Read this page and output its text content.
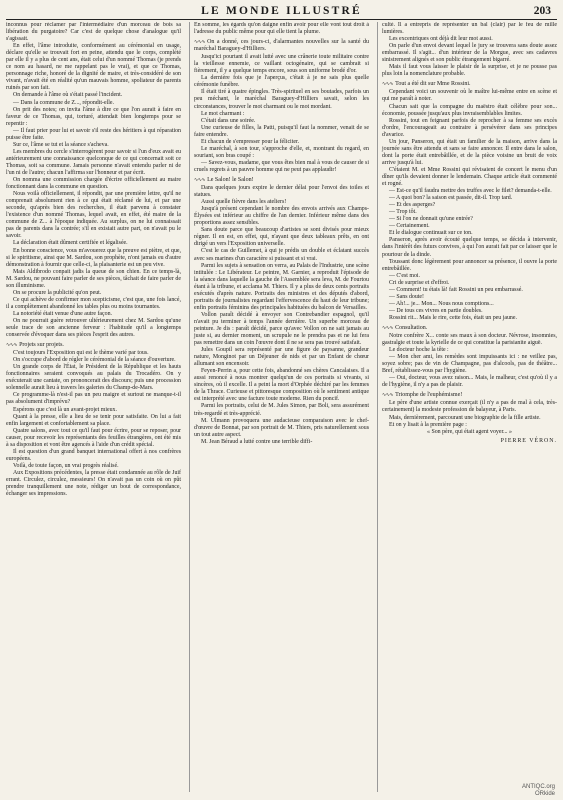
LE MONDE ILLUSTRÉ	203

inconnus pour réclamer par l'intermédiaire d'un morceau de bois sa libération du purgatoire? Car c'est de quelque chose d'analogue qu'il s'agissait.

En effet, l'âme introduite, conformément au cérémonial en usage, déclare qu'elle se trouvait fort en peine, attendu que le corps, complété par elle il y a plus de cent ans, était celui d'un nommé Thomas (je prends ce nom au hasard, ne me rappelant pas le vrai), et que ce Thomas, personnage riche, honoré de la dignité de maire, et très-considéré de son vivant, n'avait été en réalité qu'un mauvais homme, spoliateur de parents ruinés par son fait.

On demande à l'âme où s'était passé l'incident.

— Dans la commune de Z..., répondit-elle.

On prit des notes; on invita l'âme à dire ce que l'on aurait à faire en faveur de ce Thomas, qui, torturé, attendait bien longtemps pour se repentir :

— Il faut prier pour lui et savoir s'il reste des héritiers à qui réparation puisse être faite.

Sur ce, l'âme se tut et la séance s'acheva.

Les membres du cercle s'interrogèrent pour savoir si l'un d'eux avait eu antérieurement une connaissance quelconque de ce qui concernait soit ce Thomas, soit sa commune. Jamais personne n'avait entendu parler ni de l'un ni de l'autre; chacun l'affirma sur l'honneur et par écrit.

On nomma une commission chargée d'écrire officiellement au maire fonctionnant dans la commune en question.

Nous voilà officiellement, il répondit, par une première lettre, qu'il ne comprenait absolument rien à ce qui était réclamé de lui, et par une seconde, qu'après bien des recherches, il était parvenu à constater l'existence d'un nommé Thomas, lequel avait, en effet, été maire de la commune de Z... à l'époque indiquée. Au surplus, on ne lui connaissait pas de parents dans la contrée; s'il en existait autre part, on n'avait pu le savoir.

La déclaration était dûment certifiée et légalisée.

En bonne conscience, vous m'avouerez que la preuve est piètre, et que, si le spiritisme, ainsi que M. Sardou, son prophète, n'ont jamais eu d'autre démonstration à fournir que celle-ci, la plaisanterie est un peu vive.

Mais Aldibrodo conpait jadis la queue de son chien. En ce temps-là, M. Sardou, ne pouvant faire parler de ses pièces, tâchait de faire parler de son illuminisme.

On se procure la publicité qu'on peut.

Ce qui achève de confirmer mon scepticisme, c'est que, une fois lancé, il a complètement abandonné les tables plus ou moins tournantes.

La notoriété était venue d'une autre façon.

On ne pourrait guère retrouver ultérieurement chez M. Sardou qu'une seule trace de son ancienne ferveur : l'habitude qu'il a longtemps conservée d'évoquer dans ses pièces l'esprit des autres.

∿∿∿ Projets sur projets.

C'est toujours l'Exposition qui est le thème varié par tous.

On s'occupe d'abord de régler le cérémonial de la séance d'ouverture.

Un grande corps de l'État, le Président de la République et les hauts fonctionnaires seraient convoqués au palais du Trocadéro. On y exécuterait une cantate, on prononcerait des discours; puis une procession solennelle aurait lieu à travers les galeries du Champ-de-Mars.

Ce programme-là n'est-il pas un peu maigre et surtout ne manque-t-il pas absolument d'imprévu?

Espérons que c'est là un avant-projet mieux.

Quant à la presse, elle a lieu de se tenir pour satisfaite. On lui a fait enfin largement et confortablement sa place.

Quatre salons, avec tout ce qu'il faut pour écrire, pour se reposer, pour causer, pour recevoir les représentants des feuilles étrangères, ont été mis à sa disposition et vont être agencés à l'aide d'un crédit spécial.

Il est question d'un grand banquet international offert à nos confrères européens.

Voilà, de toute façon, un vrai progrès réalisé.

Aux Expositions précédentes, la presse était condamnée au rôle de Juif errant. Circulez, circulez, messieurs! On n'avait pas un coin où on pût prendre tranquillement une note, rédiger un bout de correspondance, échanger ses impressions.

En somme, les égards qu'on daigne enfin avoir pour elle vont tout droit à l'adresse du public même pour qui elle tient la plume.

∿∿∿ On a donné, ces jours-ci, d'alarmantes nouvelles sur la santé du maréchal Baraguey-d'Hilliers.

Jusqu'ici pourtant il avait lutté avec une crânerie toute militaire contre la vieillesse ennemie, ce vaillant octogénaire, qui se cambrait si fièrement, il y a quelque temps encore, sous son uniforme brodé d'or.

La dernière fois que je l'aperçus, c'était à je ne sais plus quelle cérémonie funèbre.

Il était tiré à quatre épingles. Très-spirituel en ses boutades, parfois un peu méchant, le maréchal Baraguey-d'Hilliers savait, selon les circonstances, trouver le mot charmant ou le mot mordant.

Le mot charmant :

C'était dans une soirée.

Une curieuse de filles, la Patti, puisqu'il faut la nommer, venait de se faire entendre.

Et chacun de s'empresser pour la féliciter.

Le maréchal, à son tour, s'approche d'elle, et, montrant du regard, en souriant, son bras coupé :

— Savez-vous, madame, que vous êtes bien mal à vous de causer de si cruels regrets à un pauvre homme qui ne peut pas applaudir!

∿∿∿ Le Salon! le Salon!

Dans quelques jours expire le dernier délai pour l'envoi des toiles et statues.

Aussi quelle fièvre dans les ateliers!

Jusqu'à présent cependant le nombre des envois arrivés aux Champs-Élysées est inférieur au chiffre de l'an dernier. Inférieur même dans des proportions assez sensibles.

Sans doute parce que beaucoup d'artistes se sont divisés pour mieux régner. Il en est, en effet, qui, n'ayant que deux tableaux prêts, en ont dirigé un vers l'Exposition universelle.

C'est le cas de Guillemet, à qui je prédis un double et éclatant succès avec ses marines d'un caractère si puissant et si vrai.

Parmi les sujets à sensation on verra, au Palais de l'Industrie, une scène intitulée : Le Libérateur. Le peintre, M. Garnier, a reproduit l'épisode de la séance dans laquelle la gauche de l'Assemblée sera leva, M. de Fourtou étant à la tribune, et acclama M. Thiers. Il y a plus de deux cents portraits exécutés d'après nature. Portraits des ministres et des députés d'abord, portraits de journalistes regardant l'effervescence du haut de leur tribune; enfin portraits féminins des principales habituées du balcon de Versailles.

Vollon paraît décidé à envoyer son Contrebandier espagnol, qu'il n'avait pu terminer à temps l'année dernière. Un superbe morceau de peinture. Je dis : paraît décidé, parce qu'avec Vollon on ne sait jamais au juste si, au dernier moment, un scrupule ne le prendra pas et ne lui fera pas remettre dans un coin l'œuvre dont il ne se sera pas trouvé satisfait.

Jules Goupil sera représenté par une figure de paysanne, grandeur nature, Monginot par un Déjeuner de nids et par un Enfant de chœur allumant son encensoir.

Feyen-Perrin a, pour cette fois, abandonné ses chères Cancalaises. Il a aussi renoncé à nous montrer quelqu'un de ces portraits si vivants, si sincères, où il excelle. Il a peint la mort d'Orphée déchiré par les femmes de la Thrace. Curieuse et pittoresque composition où le sentiment antique est interprété avec une facture toute moderne. Rien du poncif.

Parmi les portraits, celui de M. Jules Simon, par Boli, sera assurément très-regardé et très-apprécié.

M. Ulmann provoquera une audacieuse comparaison avec le chef-d'œuvre de Bonnat, par son portrait de M. Thiers, pris naturellement sous un tout autre aspect.

M. Jean Béraud a lutté contre une terrible diffi-

culté. Il a entrepris de représenter un bal (clair) par le feu de mille lumières.

Les excentriques ont déjà dit leur mot aussi.

On parle d'un envoi devant lequel le jury se trouvera sans doute assez embarrassé. Il s'agit... d'un intérieur de la Morgue, avec ses cadavres sinistrement alignés et son public étrangement bigarré.

Mais il faut vous laisser le plaisir de la surprise, et je ne pousse pas plus loin la nomenclature probable.

∿∿∿ Tout a été dit sur Mme Rossini.

Cependant voici un souvenir où le maître lui-même entre en scène et qui me paraît à noter.

Chacun sait que la compagne du maëstro était célèbre pour son... économie, poussée jusqu'aux plus invraisemblables limites.

Rossini, tout en feignant parfois de reprocher à sa femme ses excès d'ordre, l'encourageait au contraire à persévérer dans ses principes d'avarice.

Un jour, Panseron, qui était un familier de la maison, arrive dans la journée sans être attendu et sans se faire annoncer. Il entre dans le salon, dont la porte était entrebâillée, et de la pièce voisine un bruit de voix arrive jusqu'à lui.

C'étaient M. et Mme Rossini qui révisaient de concert le menu d'un dîner qu'ils devaient donner le lendemain. Chaque article était commenté et rogné.

— Est-ce qu'il faudra mettre des truffes avec le filet? demanda-t-elle.

— A quoi bon? la saison est passée, dit-il. Trop tard.

— Et des asperges?

— Trop tôt.

— Si l'on ne donnait qu'une entrée?

— Certainement.

Et le dialogue continuait sur ce ton.

Panseron, après avoir écouté quelque temps, se décida à intervenir, dans l'intérêt des futurs convives, à qui l'on aurait fait par ce laisser que le pourtour de la dinde.

Toussant donc légèrement pour annoncer sa présence, il ouvre la porte entrebâillée.

— C'est moi.

Cri de surprise et d'effroi.

— Comment! tu étais là! fait Rossini un peu embarrassé.

— Sans doute!

— Ah!... je... Mon... Nous nous comptions...

— De tous ces vivres en partie doubles.

Rossini rit... Mais le rire, cette fois, était un peu jaune.

∿∿∿ Consultation.

Notre confrère X... conte ses maux à son docteur. Névrose, insomnies, gastralgie et toute la kyrielle de ce qui constitue la parisianite aiguë.

Le docteur hoche la tête :

— Mon cher ami, les remèdes sont impuissants ici : ne veillez pas, soyez sobre; pas de vin de Champagne, pas d'alcools, pas de théâtre... Bref, rétablissez-vous par l'hygiène.

— Oui, docteur, vous avez raison... Mais, le malheur, c'est qu'où il y a de l'hygiène, il n'y a pas de plaisir.

∿∿∿ Triomphe de l'euphémisme!

Le père d'une artiste connue exerçait (il n'y a pas de mal à cela, très-certainement) la modeste profession de balayeur, à Paris.

Mais, dernièrement, parcourant une biographie de la fille artiste.

Et on y lisait à la première page :

« Son père, qui était agent voyer... »

PIERRE VÉRON.
ANTIQC.org
ORkide
